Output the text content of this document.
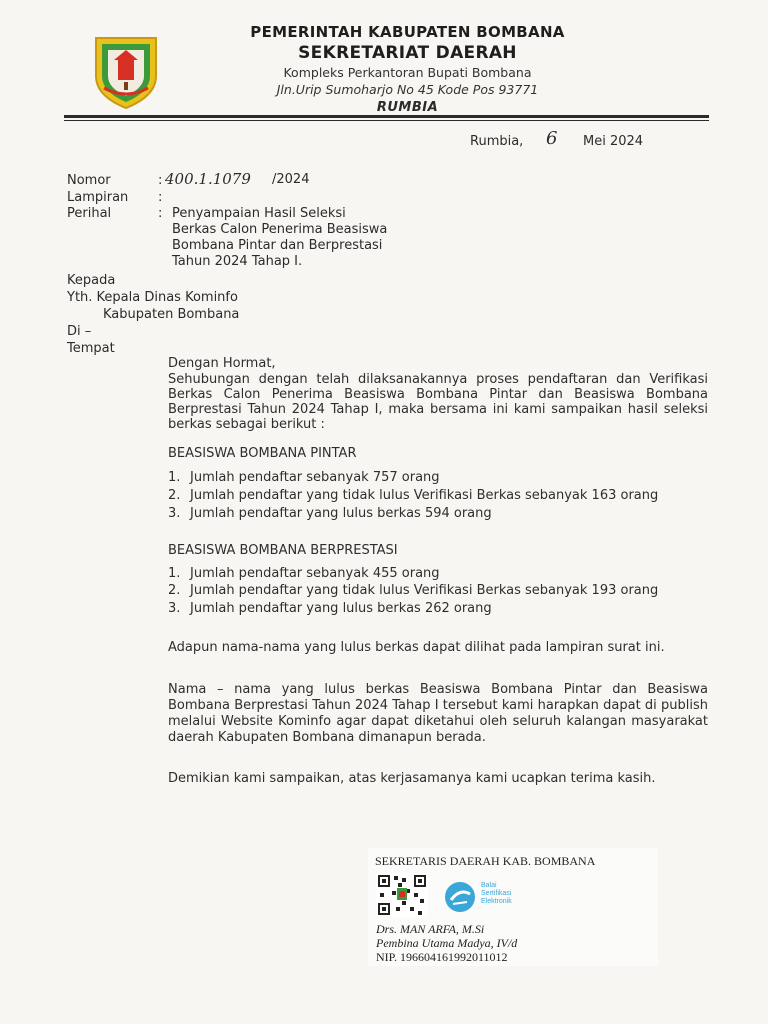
PEMERINTAH KABUPATEN BOMBANA
SEKRETARIAT DAERAH
Kompleks Perkantoran Bupati Bombana
Jln.Urip Sumoharjo No 45 Kode Pos 93771
RUMBIA
Rumbia, 6 Mei 2024
Nomor	: 400.1.1079 /2024
Lampiran :
Perihal	: Penyampaian Hasil Seleksi
Berkas Calon Penerima Beasiswa
Bombana Pintar dan Berprestasi
Tahun 2024 Tahap I.
Kepada
Yth. Kepala Dinas Kominfo
Kabupaten Bombana
Di –
Tempat
Dengan Hormat,
Sehubungan dengan telah dilaksanakannya proses pendaftaran dan Verifikasi Berkas Calon Penerima Beasiswa Bombana Pintar dan Beasiswa Bombana Berprestasi Tahun 2024 Tahap I, maka bersama ini kami sampaikan hasil seleksi berkas sebagai berikut :
BEASISWA BOMBANA PINTAR
1. Jumlah pendaftar sebanyak 757 orang
2. Jumlah pendaftar yang tidak lulus Verifikasi Berkas sebanyak 163 orang
3. Jumlah pendaftar yang lulus berkas 594 orang
BEASISWA BOMBANA BERPRESTASI
1. Jumlah pendaftar sebanyak 455 orang
2. Jumlah pendaftar yang tidak lulus Verifikasi Berkas sebanyak 193 orang
3. Jumlah pendaftar yang lulus berkas 262 orang
Adapun nama-nama yang lulus berkas dapat dilihat pada lampiran surat ini.
Nama – nama yang lulus berkas Beasiswa Bombana Pintar dan Beasiswa Bombana Berprestasi Tahun 2024 Tahap I tersebut kami harapkan dapat di publish melalui Website Kominfo agar dapat diketahui oleh seluruh kalangan masyarakat daerah Kabupaten Bombana dimanapun berada.
Demikian kami sampaikan, atas kerjasamanya kami ucapkan terima kasih.
SEKRETARIS DAERAH KAB. BOMBANA
Balai
Sertifikasi
Elektronik
Drs. MAN ARFA, M.Si
Pembina Utama Madya, IV/d
NIP. 196604161992011012
